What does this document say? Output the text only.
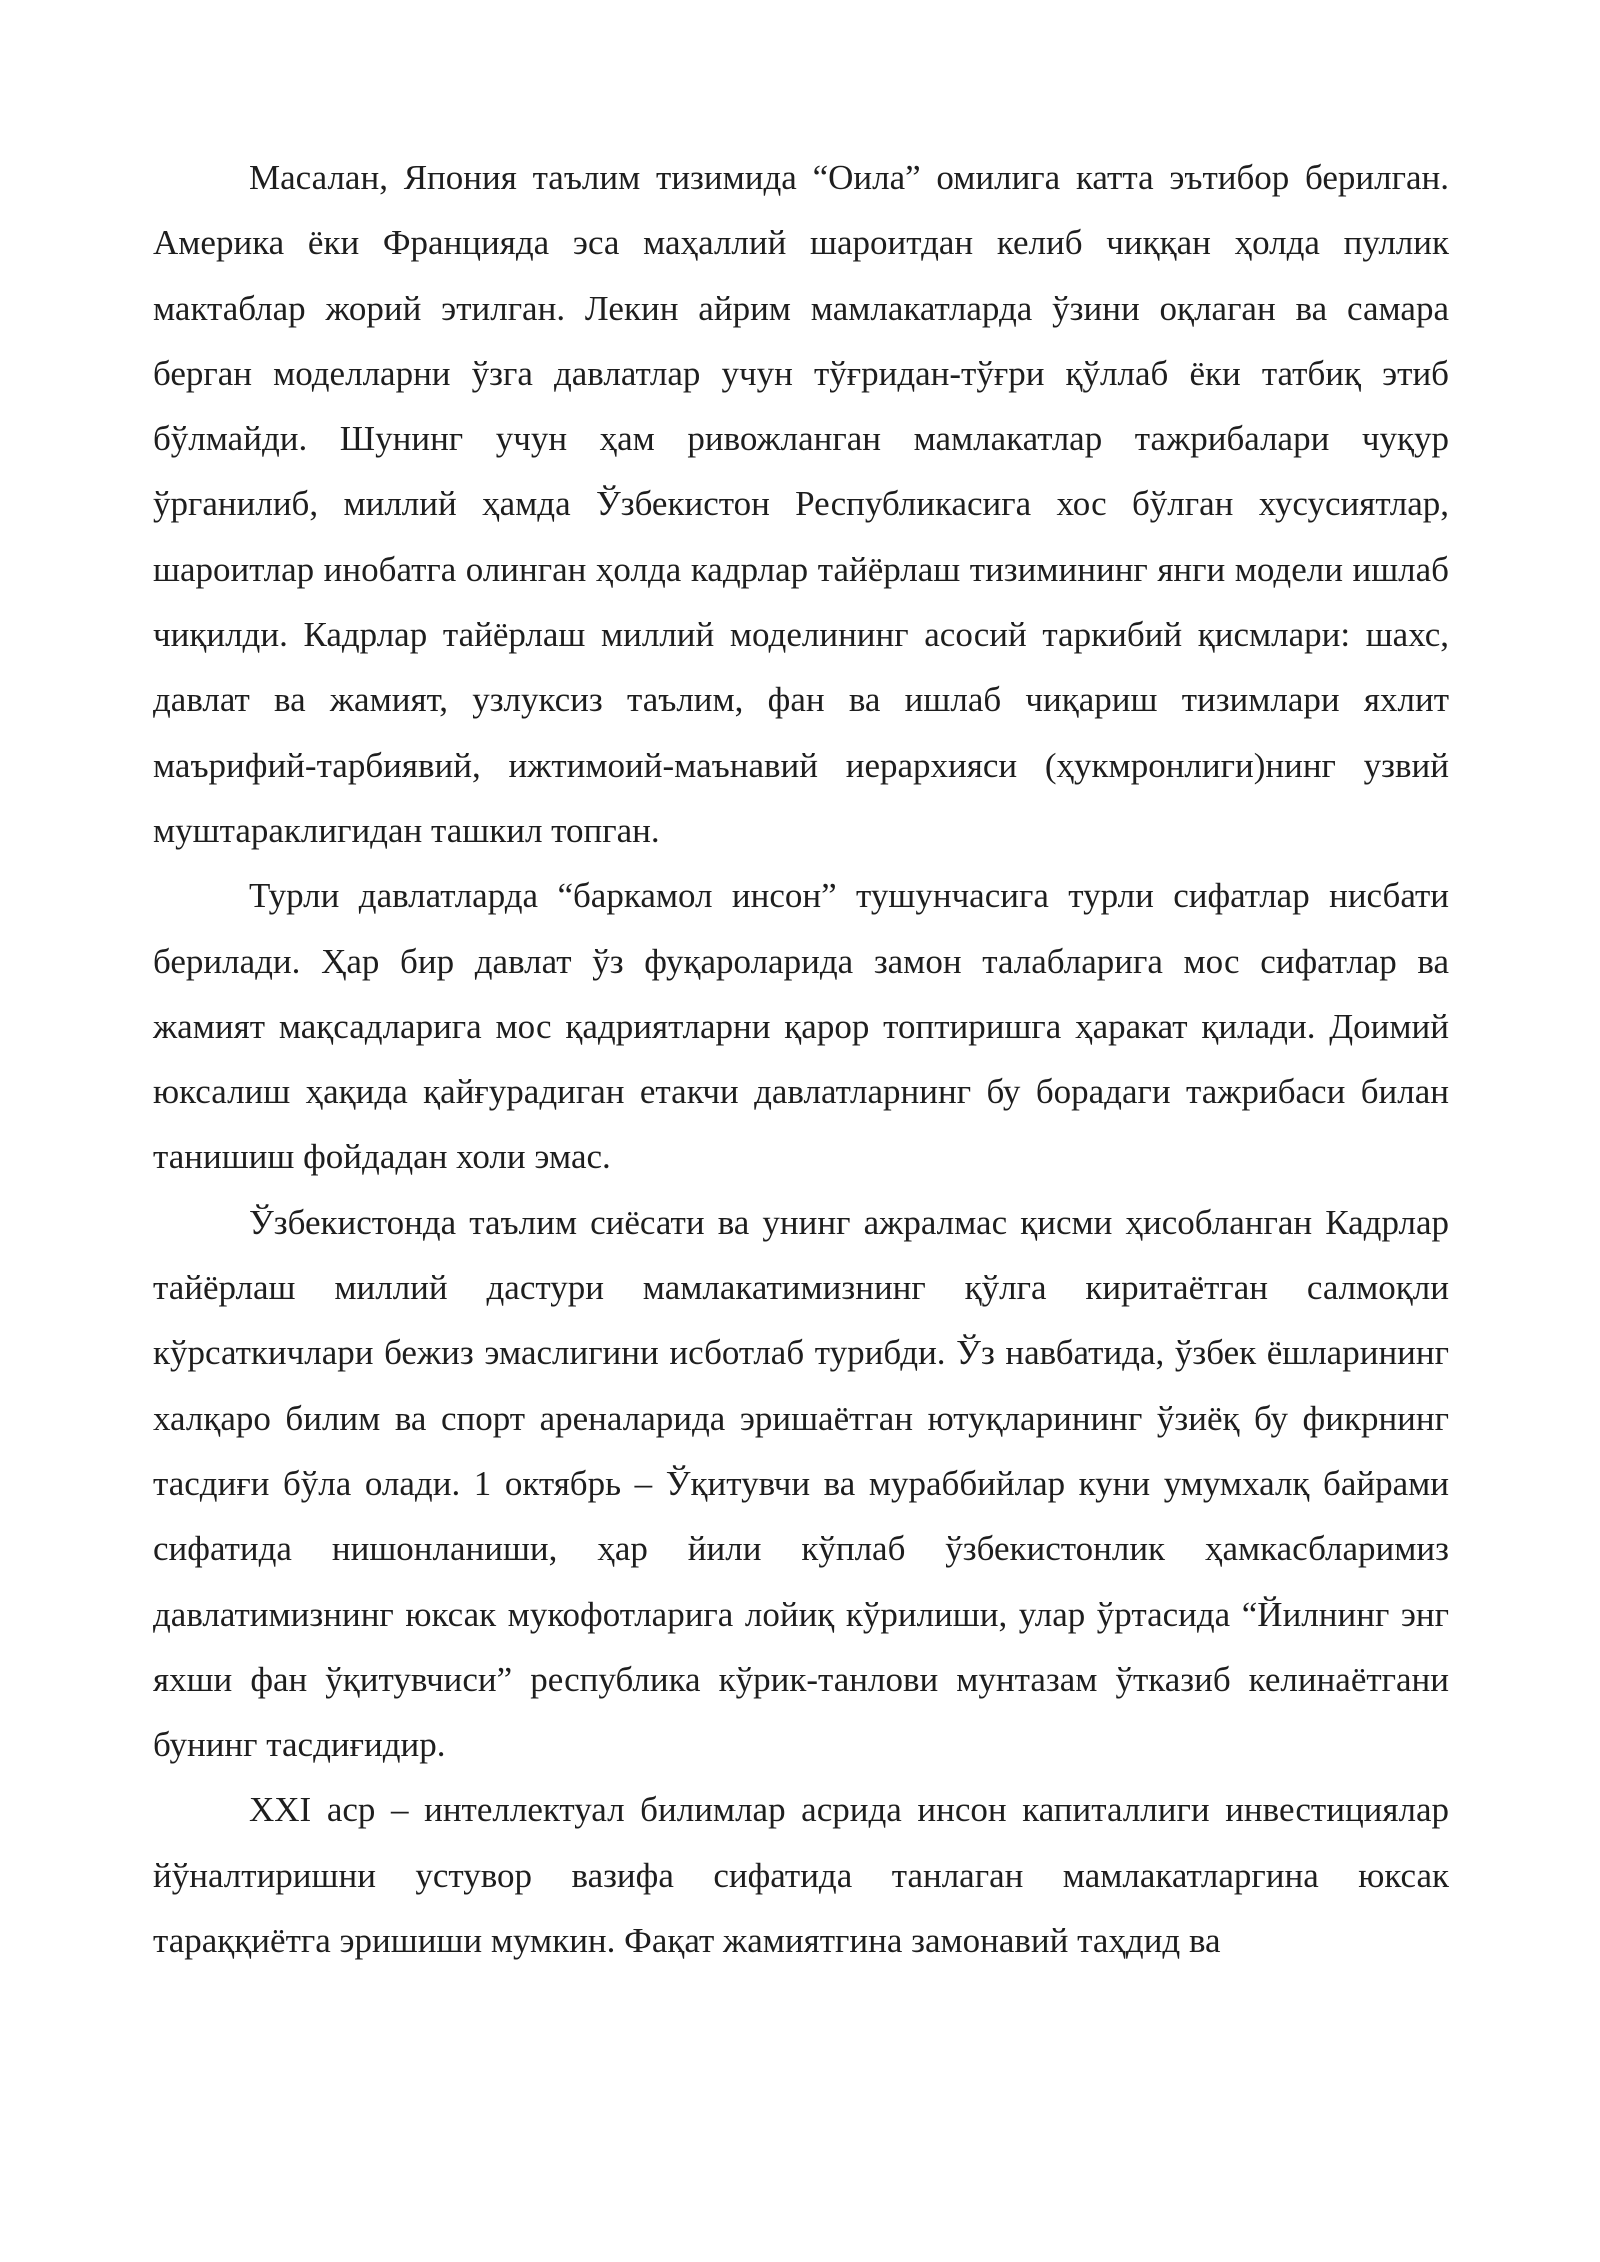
Масалан, Япония таълим тизимида “Оила” омилига катта эътибор берилган. Америка ёки Францияда эса маҳаллий шароитдан келиб чиққан ҳолда пуллик мактаблар жорий этилган. Лекин айрим мамлакатларда ўзини оқлаган ва самара берган моделларни ўзга давлатлар учун тўғридан-тўғри қўллаб ёки татбиқ этиб бўлмайди. Шунинг учун ҳам ривожланган мамлакатлар тажрибалари чуқур ўрганилиб, миллий ҳамда Ўзбекистон Республикасига хос бўлган хусусиятлар, шароитлар инобатга олинган ҳолда кадрлар тайёрлаш тизимининг янги модели ишлаб чиқилди. Кадрлар тайёрлаш миллий моделининг асосий таркибий қисмлари: шахс, давлат ва жамият, узлуксиз таълим, фан ва ишлаб чиқариш тизимлари яхлит маърифий-тарбиявий, ижтимоий-маънавий иерархияси (ҳукмронлиги)нинг узвий муштараклигидан ташкил топган.

Турли давлатларда “баркамол инсон” тушунчасига турли сифатлар нисбати берилади. Ҳар бир давлат ўз фуқароларида замон талабларига мос сифатлар ва жамият мақсадларига мос қадриятларни қарор топтиришга ҳаракат қилади. Доимий юксалиш ҳақида қайғурадиган етакчи давлатларнинг бу борадаги тажрибаси билан танишиш фойдадан холи эмас.

Ўзбекистонда таълим сиёсати ва унинг ажралмас қисми ҳисобланган Кадрлар тайёрлаш миллий дастури мамлакатимизнинг қўлга киритаётган салмоқли кўрсаткичлари бежиз эмаслигини исботлаб турибди. Ўз навбатида, ўзбек ёшларининг халқаро билим ва спорт ареналарида эришаётган ютуқларининг ўзиёқ бу фикрнинг тасдиғи бўла олади. 1 октябрь – Ўқитувчи ва мураббийлар куни умумхалқ байрами сифатида нишонланиши, ҳар йили кўплаб ўзбекистонлик ҳамкасбларимиз давлатимизнинг юксак мукофотларига лойиқ кўрилиши, улар ўртасида “Йилнинг энг яхши фан ўқитувчиси” республика кўрик-танлови мунтазам ўтказиб келинаётгани бунинг тасдиғидир.

XXI аср – интеллектуал билимлар асрида инсон капиталлиги инвестициялар йўналтиришни устувор вазифа сифатида танлаган мамлакатларгина юксак тараққиётга эришиши мумкин. Фақат жамиятгина замонавий таҳдид ва
